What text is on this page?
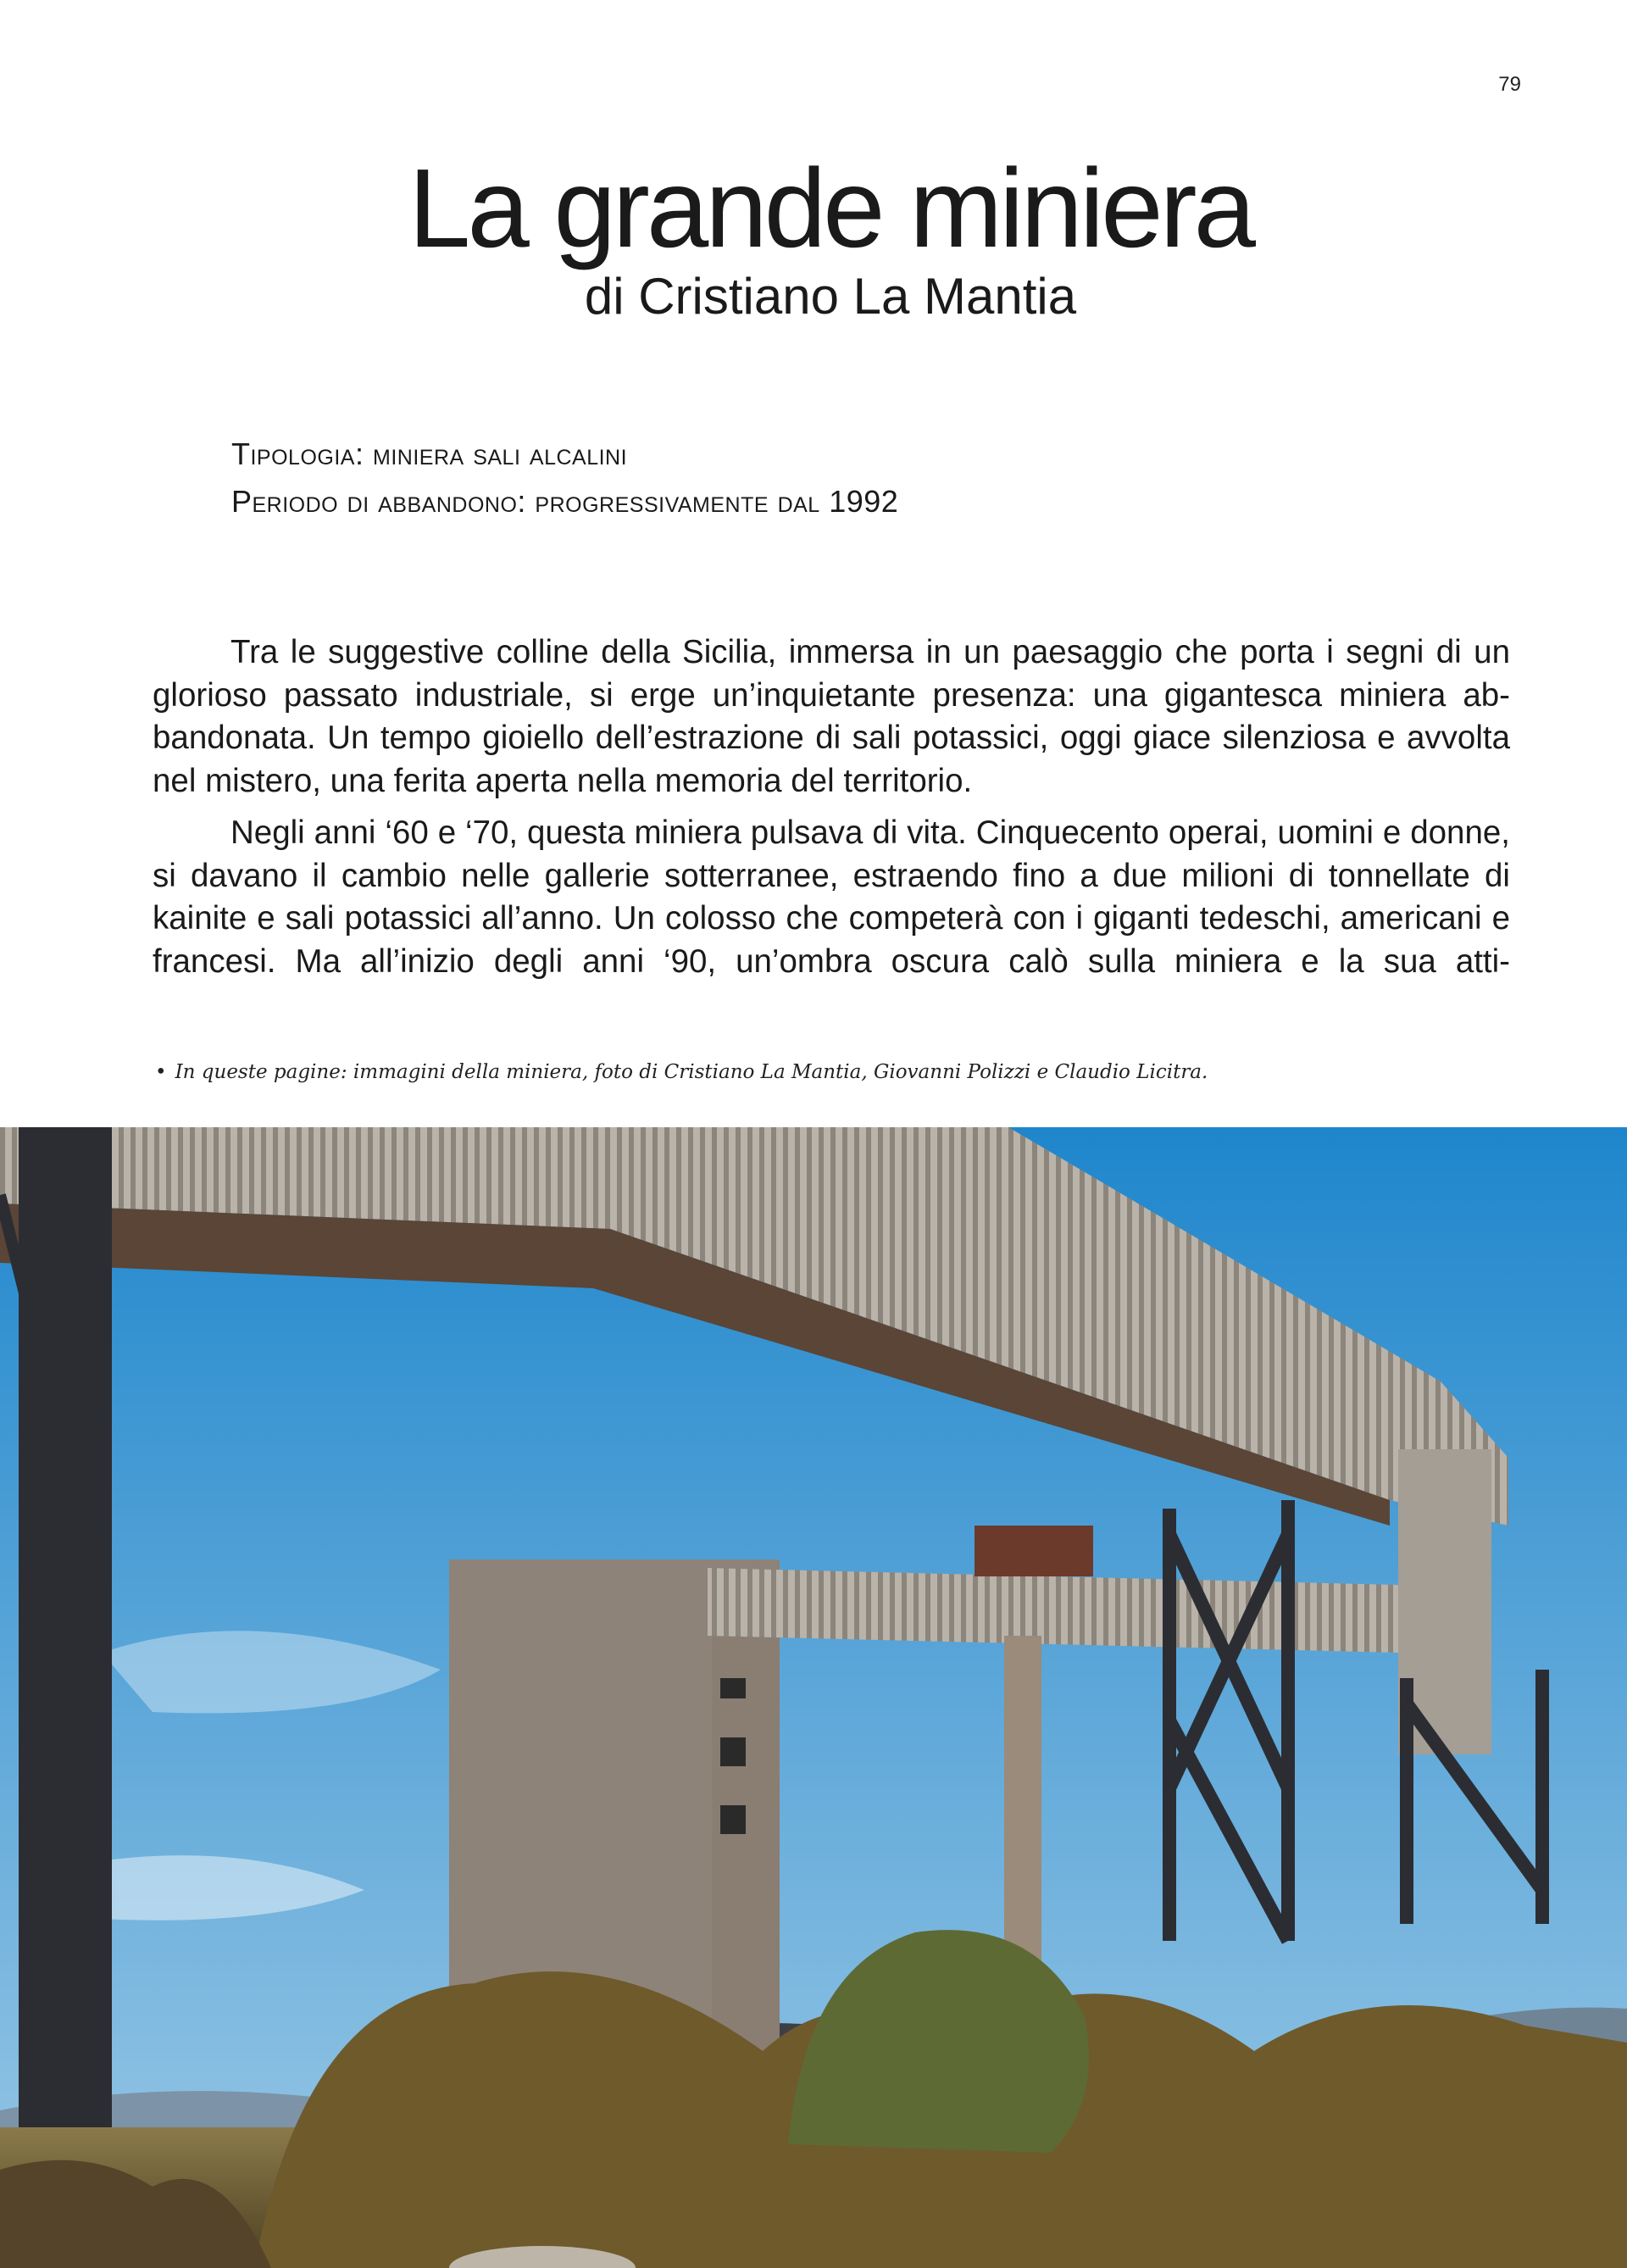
79
La grande miniera
di Cristiano La Mantia
Tipologia : miniera sali alcalini
Periodo di abbandono : progressivamente dal 1992

Tra le suggestive colline della Sicilia, immersa in un paesaggio che porta i segni di un glorioso passato industriale, si erge un’inquietante presenza: una gigantesca miniera abbandonata. Un tempo gioiello dell’estrazione di sali potassici, oggi giace silenziosa e avvolta nel mistero, una ferita aperta nella memoria del territorio.

Negli anni ‘60 e ‘70, questa miniera pulsava di vita. Cinquecento operai, uomini e donne, si davano il cambio nelle gallerie sotterranee, estraendo fino a due milioni di tonnellate di kainite e sali potassici all’anno. Un colosso che competerà con i giganti tedeschi, americani e francesi. Ma all’inizio degli anni ‘90, un’ombra oscura calò sulla miniera e la sua atti-

• In queste pagine: immagini della miniera, foto di Cristiano La Mantia, Giovanni Polizzi e Claudio Licitra.
